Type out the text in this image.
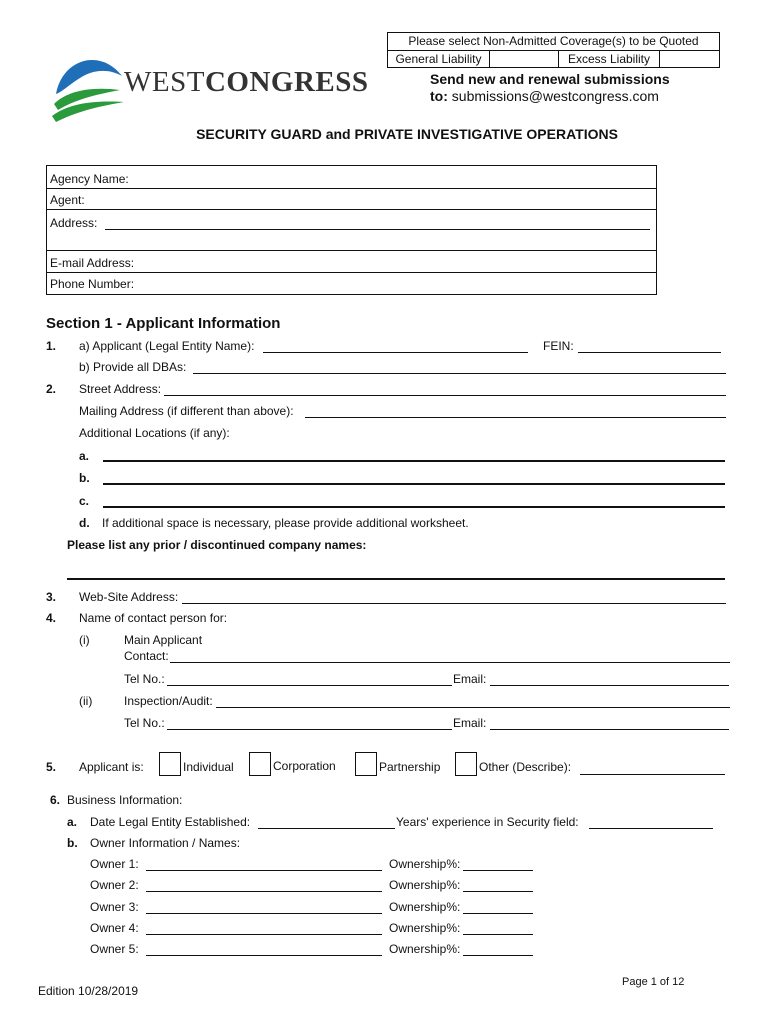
Please select Non-Admitted Coverage(s) to be Quoted
General Liability	Excess Liability
WESTCONGRESS	Send new and renewal submissions
to: submissions@westcongress.com
SECURITY GUARD and PRIVATE INVESTIGATIVE OPERATIONS
Agency Name:
Agent:
Address:
E-mail Address:
Phone Number:
Section 1 - Applicant Information
1. a) Applicant (Legal Entity Name):	FEIN:
b) Provide all DBAs:
2. Street Address:
Mailing Address (if different than above):
Additional Locations (if any):
a.
b.
c.
d. If additional space is necessary, please provide additional worksheet.
Please list any prior / discontinued company names:
3. Web-Site Address:
4. Name of contact person for:
(i)	Main Applicant
Contact:
Tel No.:	Email:
(ii)	Inspection/Audit:
Tel No.:	Email:
5. Applicant is:	Individual	Corporation	Partnership	Other (Describe):
6. Business Information:
a. Date Legal Entity Established:	Years' experience in Security field:
b. Owner Information / Names:
Owner 1:	Ownership%:
Owner 2:	Ownership%:
Owner 3:	Ownership%:
Owner 4:	Ownership%:
Owner 5:	Ownership%:
Page 1 of 12
Edition 10/28/2019
